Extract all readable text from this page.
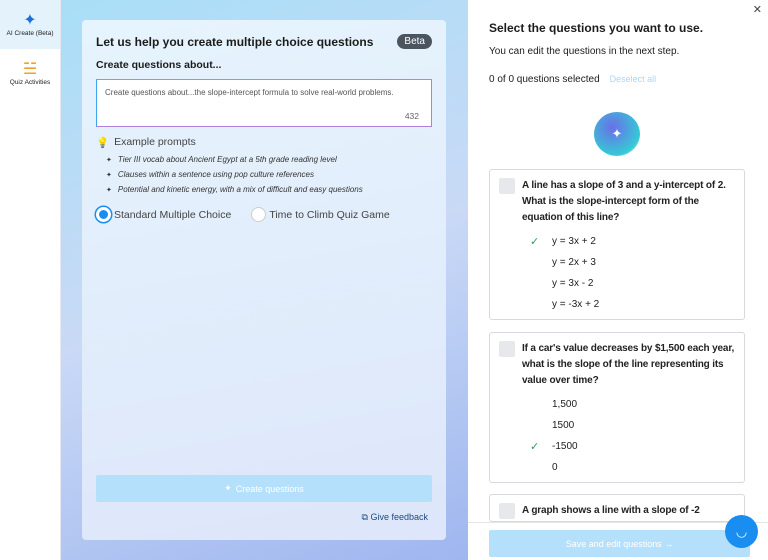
✦
AI Create (Beta)
☱
Quiz Activities
Let us help you create multiple choice questions	Beta
Create questions about...
Create questions about...the slope-intercept formula to solve real-world problems.
432
💡 Example prompts
✦ Tier III vocab about Ancient Egypt at a 5th grade reading level
✦ Clauses within a sentence using pop culture references
✦ Potential and kinetic energy, with a mix of difficult and easy questions
Standard Multiple Choice	Time to Climb Quiz Game
✦ Create questions
⧉ Give feedback
✕
Select the questions you want to use.
You can edit the questions in the next step.
0 of 0 questions selected Deselect all
✦
A line has a slope of 3 and a y-intercept of 2. What is the slope-intercept form of the equation of this line?
✓ y = 3x + 2
y = 2x + 3
y = 3x - 2
y = -3x + 2
If a car's value decreases by $1,500 each year, what is the slope of the line representing its value over time?
1,500
1500
✓ -1500
0
A graph shows a line with a slope of -2
Save and edit questions →
◡
